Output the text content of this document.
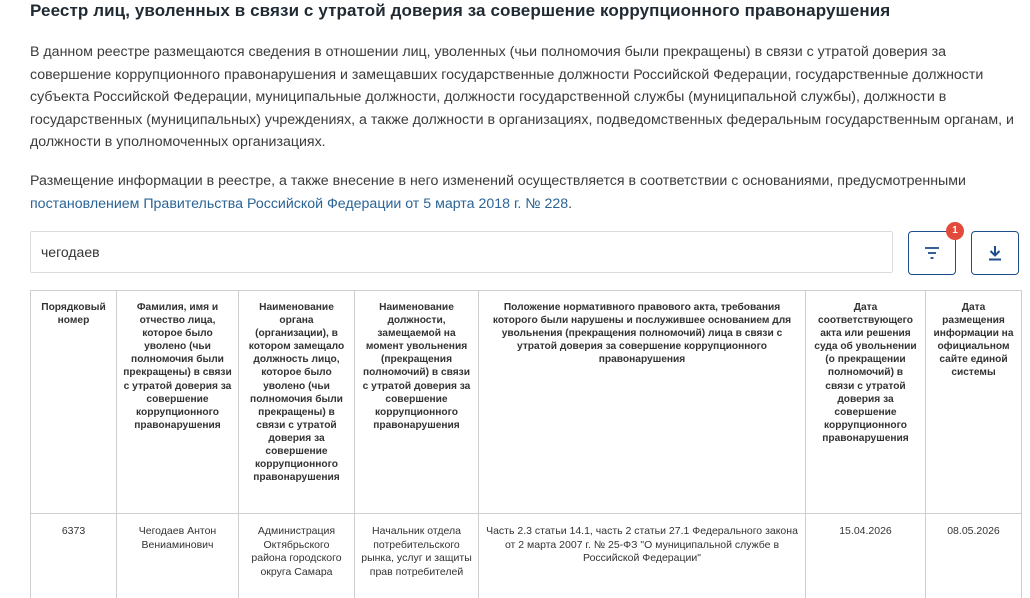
Реестр лиц, уволенных в связи с утратой доверия за совершение коррупционного правонарушения

В данном реестре размещаются сведения в отношении лиц, уволенных (чьи полномочия были прекращены) в связи с утратой доверия за совершение коррупционного правонарушения и замещавших государственные должности Российской Федерации, государственные должности субъекта Российской Федерации, муниципальные должности, должности государственной службы (муниципальной службы), должности в государственных (муниципальных) учреждениях, а также должности в организациях, подведомственных федеральным государственным органам, и должности в уполномоченных организациях.

Размещение информации в реестре, а также внесение в него изменений осуществляется в соответствии с основаниями, предусмотренными постановлением Правительства Российской Федерации от 5 марта 2018 г. № 228.

чегодаев
1
Порядковый номер	Фамилия, имя и отчество лица, которое было уволено (чьи полномочия были прекращены) в связи с утратой доверия за совершение коррупционного правонарушения	Наименование органа (организации), в котором замещало должность лицо, которое было уволено (чьи полномочия были прекращены) в связи с утратой доверия за совершение коррупционного правонарушения	Наименование должности, замещаемой на момент увольнения (прекращения полномочий) в связи с утратой доверия за совершение коррупционного правонарушения	Положение нормативного правового акта, требования которого были нарушены и послужившее основанием для увольнения (прекращения полномочий) лица в связи с утратой доверия за совершение коррупционного правонарушения	Дата соответствующего акта или решения суда об увольнении (о прекращении полномочий) в связи с утратой доверия за совершение коррупционного правонарушения	Дата размещения информации на официальном сайте единой системы
6373	Чегодаев Антон Вениаминович	Администрация Октябрьского района городского округа Самара	Начальник отдела потребительского рынка, услуг и защиты прав потребителей	Часть 2.3 статьи 14.1, часть 2 статьи 27.1 Федерального закона от 2 марта 2007 г. № 25-ФЗ "О муниципальной службе в Российской Федерации"	15.04.2026	08.05.2026
